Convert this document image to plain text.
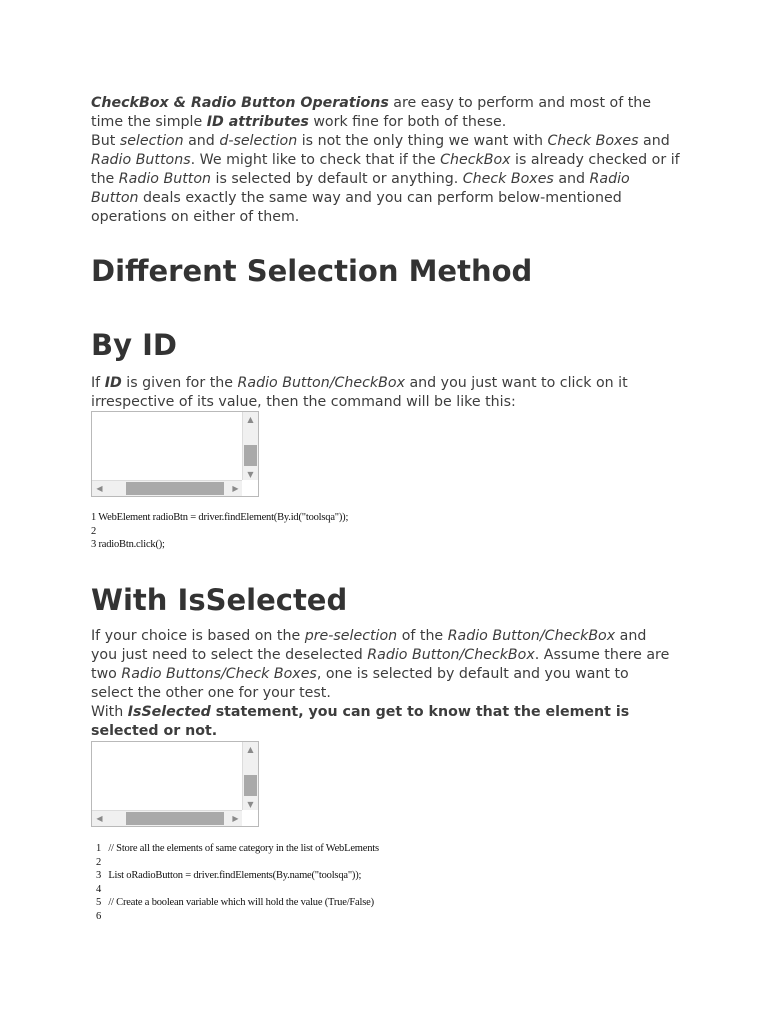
CheckBox & Radio Button Operations are easy to perform and most of the time the simple ID attributes work fine for both of these.
But selection and d-selection is not the only thing we want with Check Boxes and Radio Buttons. We might like to check that if the CheckBox is already checked or if the Radio Button is selected by default or anything. Check Boxes and Radio Button deals exactly the same way and you can perform below-mentioned operations on either of them.

Different Selection Method
By ID

If ID is given for the Radio Button/CheckBox and you just want to click on it irrespective of its value, then the command will be like this:

1 WebElement radioBtn = driver.findElement(By.id("toolsqa"));
2
3 radioBtn.click();
With IsSelected

If your choice is based on the pre-selection of the Radio Button/CheckBox and you just need to select the deselected Radio Button/CheckBox. Assume there are two Radio Buttons/Check Boxes, one is selected by default and you want to select the other one for your test.
With IsSelected statement, you can get to know that the element is selected or not.

1   // Store all the elements of same category in the list of WebLements
2
3   List oRadioButton = driver.findElements(By.name("toolsqa"));
4
5   // Create a boolean variable which will hold the value (True/False)
6
▲
▼
◀	▶
▲
▼
◀	▶
